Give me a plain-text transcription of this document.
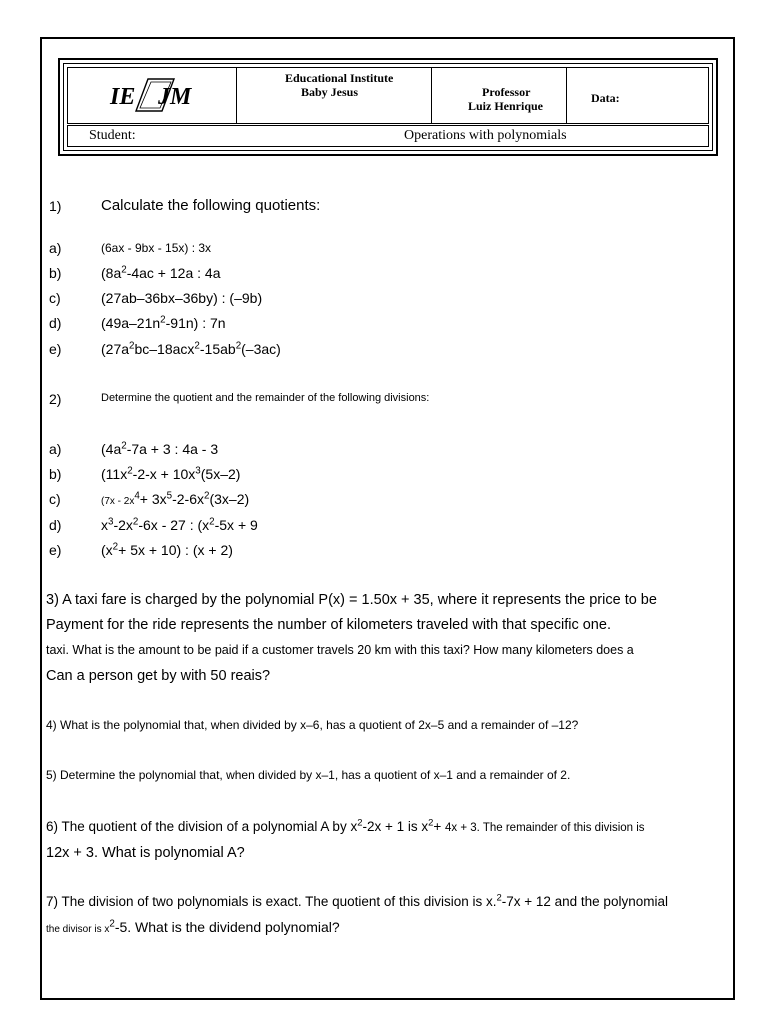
IE JM
Educational Institute
Baby Jesus	Professor
Luiz Henrique
Data:
Student:	Operations with polynomials
1)	Calculate the following quotients:
a)	(6ax - 9bx - 15x) : 3x
b)	($8a^2-4ac + 12a$ : 4a
c)	(27ab–36bx–36by) : (–9b)
d)	$(49a-21n^2-91n)$ : 7n
e)	($27a^2bc-18acx^2-15ab^2(-3ac)$
2)	Determine the quotient and the remainder of the following divisions:
a)	($4a^2-7a + 3$ : 4a - 3
b)	($11x^2-2-x + 10x^3(5x-2)$
c)	($7x - 2x^4+ 3x^5-2-6x^2(3x-2)$
d)	$x^3-2x^2-6x - 27$ : ($x^2-5x + 9$
e)	$(x^2+ 5x + 10)$ : (x + 2)
3) A taxi fare is charged by the polynomial P(x) = 1.50x + 35, where it represents the price to be
Payment for the ride represents the number of kilometers traveled with that specific one.
taxi. What is the amount to be paid if a customer travels 20 km with this taxi? How many kilometers does a
Can a person get by with 50 reais?
4) What is the polynomial that, when divided by x–6, has a quotient of 2x–5 and a remainder of –12?
5) Determine the polynomial that, when divided by x–1, has a quotient of x–1 and a remainder of 2.
6) The quotient of the division of a polynomial A by $x^2-2x + 1$ is $x^2+ 4x + 3$. The remainder of this division is
12x + 3. What is polynomial A?
7) The division of two polynomials is exact. The quotient of this division is x.$^2$-7x + 12 and the polynomial
the divisor is $x^2-5$. What is the dividend polynomial?
